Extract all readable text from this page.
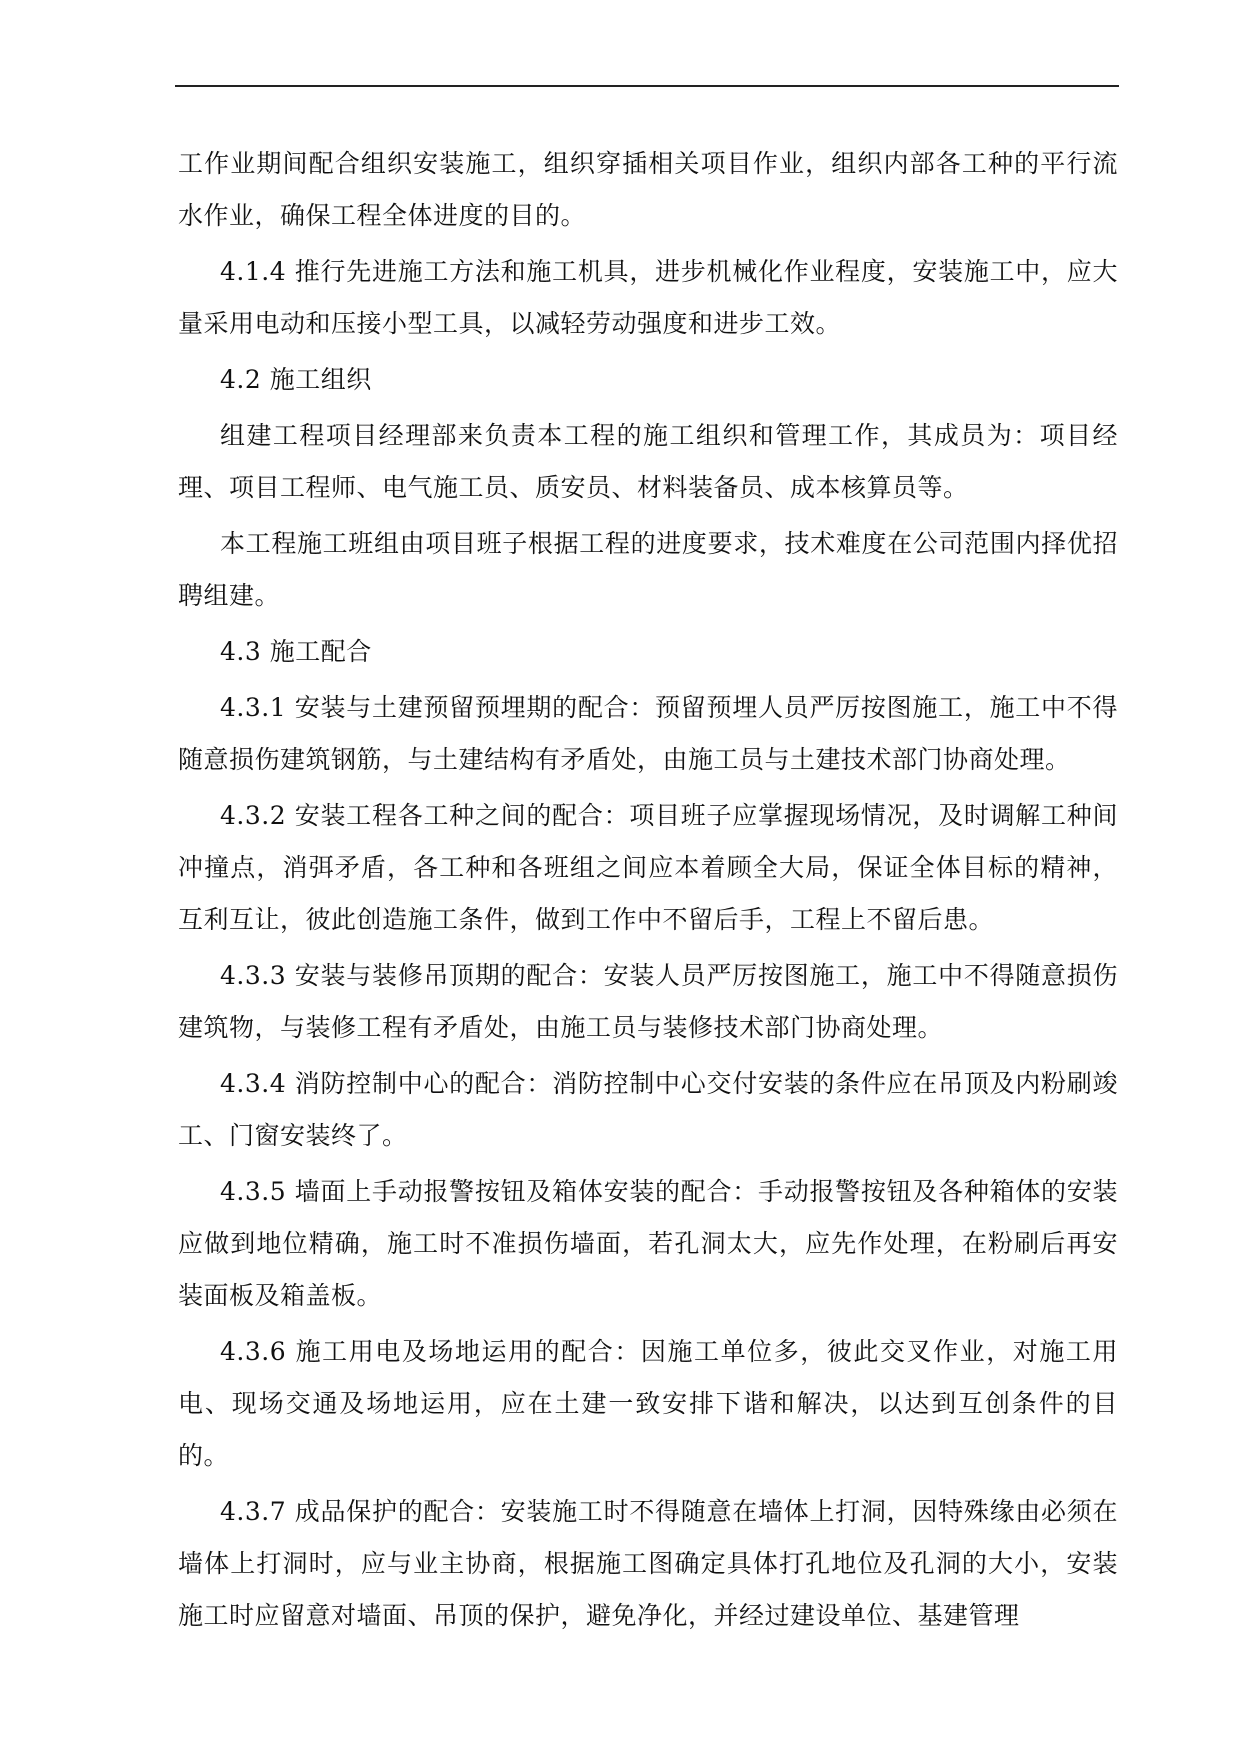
工作业期间配合组织安装施工，组织穿插相关项目作业，组织内部各工种的平行流水作业，确保工程全体进度的目的。

4.1.4 推行先进施工方法和施工机具，进步机械化作业程度，安装施工中，应大量采用电动和压接小型工具，以减轻劳动强度和进步工效。

4.2 施工组织

组建工程项目经理部来负责本工程的施工组织和管理工作，其成员为：项目经理、项目工程师、电气施工员、质安员、材料装备员、成本核算员等。

本工程施工班组由项目班子根据工程的进度要求，技术难度在公司范围内择优招聘组建。

4.3 施工配合

4.3.1 安装与土建预留预埋期的配合：预留预埋人员严厉按图施工，施工中不得随意损伤建筑钢筋，与土建结构有矛盾处，由施工员与土建技术部门协商处理。

4.3.2 安装工程各工种之间的配合：项目班子应掌握现场情况，及时调解工种间冲撞点，消弭矛盾，各工种和各班组之间应本着顾全大局，保证全体目标的精神，互利互让，彼此创造施工条件，做到工作中不留后手，工程上不留后患。

4.3.3 安装与装修吊顶期的配合：安装人员严厉按图施工，施工中不得随意损伤建筑物，与装修工程有矛盾处，由施工员与装修技术部门协商处理。

4.3.4 消防控制中心的配合：消防控制中心交付安装的条件应在吊顶及内粉刷竣工、门窗安装终了。

4.3.5 墙面上手动报警按钮及箱体安装的配合：手动报警按钮及各种箱体的安装应做到地位精确，施工时不准损伤墙面，若孔洞太大，应先作处理，在粉刷后再安装面板及箱盖板。

4.3.6 施工用电及场地运用的配合：因施工单位多，彼此交叉作业，对施工用电、现场交通及场地运用，应在土建一致安排下谐和解决，以达到互创条件的目的。

4.3.7 成品保护的配合：安装施工时不得随意在墙体上打洞，因特殊缘由必须在墙体上打洞时，应与业主协商，根据施工图确定具体打孔地位及孔洞的大小，安装施工时应留意对墙面、吊顶的保护，避免净化，并经过建设单位、基建管理
